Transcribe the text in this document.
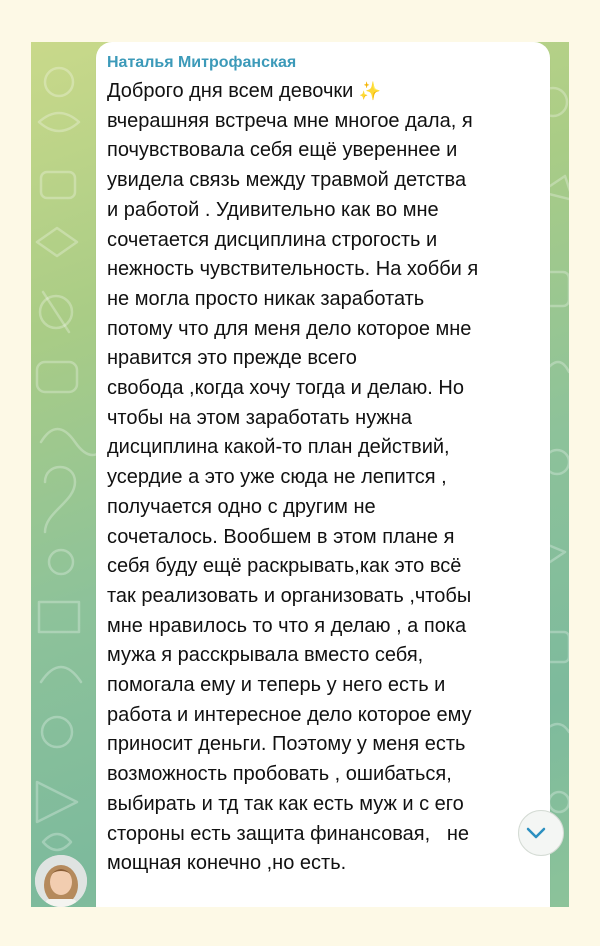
Наталья Митрофанская
Доброго дня всем девочки ✨
вчерашняя встреча мне многое дала, я
почувствовала себя ещё увереннее и
увидела связь между травмой детства
и работой . Удивительно как во мне
сочетается дисциплина строгость и
нежность чувствительность. На хобби я
не могла просто никак заработать
потому что для меня дело которое мне
нравится это прежде всего
свобода ,когда хочу тогда и делаю. Но
чтобы на этом заработать нужна
дисциплина какой-то план действий,
усердие а это уже сюда не лепится ,
получается одно с другим не
сочеталось. Вообшем в этом плане я
себя буду ещё раскрывать,как это всё
так реализовать и организовать ,чтобы
мне нравилось то что я делаю , а пока
мужа я расскрывала вместо себя,
помогала ему и теперь у него есть и
работа и интересное дело которое ему
приносит деньги. Поэтому у меня есть
возможность пробовать , ошибаться,
выбирать и тд так как есть муж и с его
стороны есть защита финансовая,   не
мощная конечно ,но есть.
